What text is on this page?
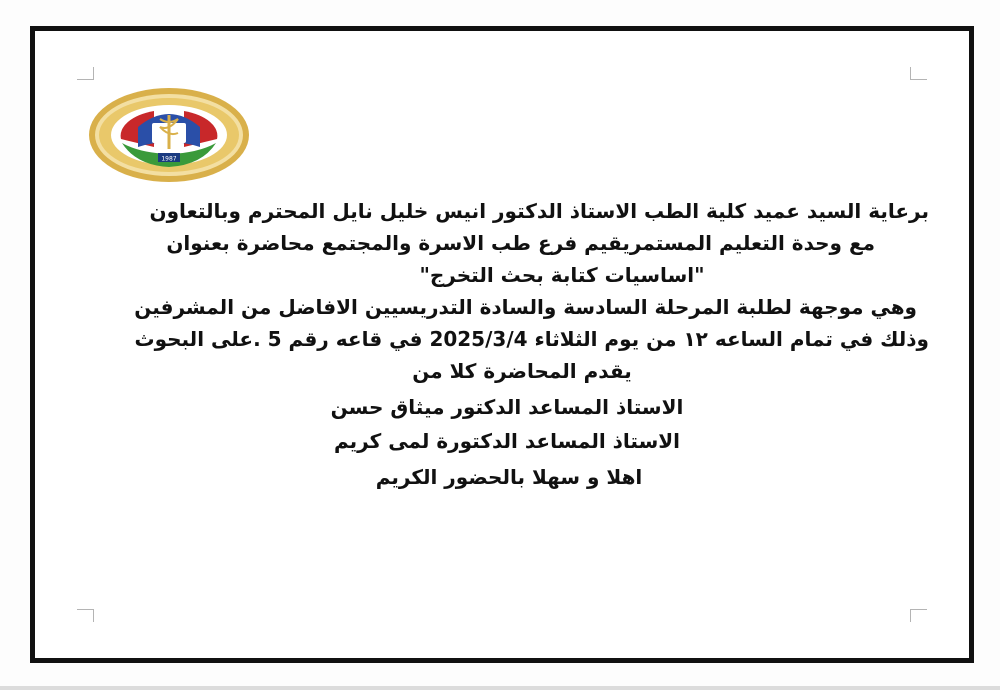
1987
برعاية السيد عميد كلية الطب الاستاذ الدكتور انيس خليل نايل المحترم وبالتعاون
مع وحدة التعليم المستمريقيم فرع طب الاسرة والمجتمع محاضرة بعنوان
"اساسيات كتابة بحث التخرج"
وهي موجهة لطلبة المرحلة السادسة والسادة التدريسيين الافاضل من المشرفين
وذلك في تمام الساعه ١٢ من يوم الثلاثاء 2025/3/4 في قاعه رقم 5 .على البحوث
يقدم المحاضرة كلا من
الاستاذ المساعد الدكتور ميثاق حسن
الاستاذ المساعد الدكتورة لمى كريم
اهلا و سهلا بالحضور الكريم
